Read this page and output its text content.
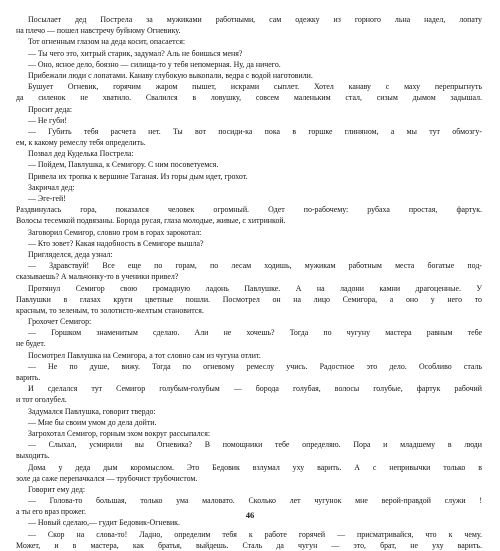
Посылает дед Пострела за мужиками работными, сам одежку из горного льна надел, лопату

на плечо — пошел навстречу буйному Огневику.

Тот огненным глазом на деда косит, опасается:

— Ты чего это, хитрый старик, задумал? Аль не боишься меня?

— Оно, ясное дело, боязно — силища-то у тебя непомерная. Ну, да ничего.

Прибежали люди с лопатами. Канаву глубокую выкопали, ведра с водой наготовили.

Бушует Огневик, горячим жаром пышет, искрами сыплет. Хотел канаву с маху перепрыгнуть

да силенок не хватило. Свалился в ловушку, совсем маленьким стал, сизым дымом задышал.

Просит деда:

— Не губи!

— Губить тебя расчета нет. Ты вот посиди-ка пока в горшке глиняном, а мы тут обмозгу-

ем, к какому ремеслу тебя определить.

Позвал дед Куделька Пострела:

— Пойдем, Павлушка, к Семигору. С ним посоветуемся.

Привела их тропка к вершине Таганая. Из горы дым идет, грохот.

Закричал дед:

— Эге-гей!

Раздвинулась гора, показался человек огромный. Одет по-рабочему: рубаха простая, фартук.

Волосы тесемкой подвязаны. Борода русая, глаза молодые, живые, с хитринкой.

Заговорил Семигор, словно гром в горах зарокотал:

— Кто зовет? Какая надобность в Семигоре вышла?

Пригляделся, деда узнал:

— Здравствуй! Все еще по горам, по лесам ходишь, мужикам работным места богатые под-

сказываешь? А мальчонку-то в ученики привел?

Протянул Семигор свою громадную ладонь Павлушке. А на ладони камни драгоценные. У

Павлушки в глазах круги цветные пошли. Посмотрел он на лицо Семигора, а оно у него то

красным, то зеленым, то золотисто-желтым становится.

Грохочет Семигор:

— Горшком знаменитым сделаю. Али не хочешь? Тогда по чугуну мастера равным тебе

не будет.

Посмотрел Павлушка на Семигора, а тот словно сам из чугуна отлит.

— Не по душе, вижу. Тогда по огневому ремеслу учись. Радостное это дело. Особливо сталь

варить.

И сделался тут Семигор голубым-голубым — борода голубая, волосы голубые, фартук рабочий

и тот оголубел.

Задумался Павлушка, говорит твердо:

— Мне бы своим умом до дела дойти.

Загрохотал Семигор, горным эхом вокруг рассыпался:

— Слыхал, усмирили вы Огневика? В помощники тебе определяю. Пора и младшему в люди

выходить.

Дома у деда дым коромыслом. Это Бедовик взлумал уху варить. А с непривычки только в

золе да саже перепачкался — трубочист трубочистом.

Говорит ему дед:

— Голова-то большая, только ума маловато. Сколько лет чугунок мне верой-правдой служи !

а ты его враз прожег.

— Новый сделаю,— гудит Бедовик-Огневик.

— Скор на слова-то! Ладно, определим тебя к работе горячей — присматривайся, что к чему.

Может, и в мастера, как братья, выйдешь. Сталь да чугун — это, брат, не уху варить.

46
